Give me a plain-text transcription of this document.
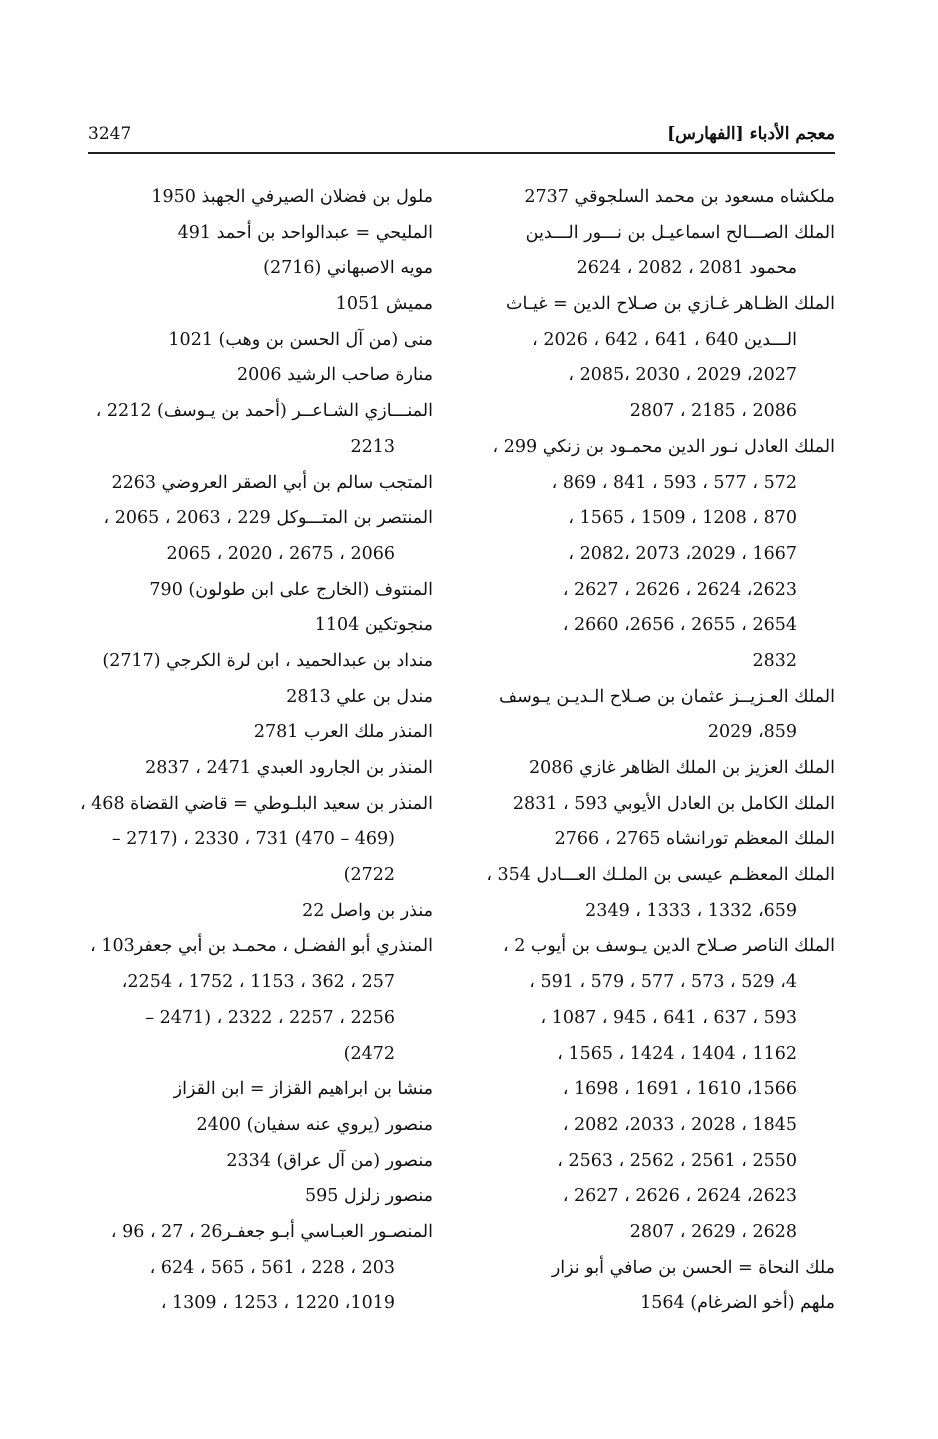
معجم الأدباء [الفهارس]
3247
ملكشاه مسعود بن محمد السلجوقي 2737
الملك الصـــالح اسماعيـل بن نـــور الـــدين
محمود 2081 ، 2082 ، 2624
الملك الظـاهر غـازي بن صـلاح الدين = غيـاث
الـــدين 640 ، 641 ، 642 ، 2026 ،
2027، 2029 ، 2030 ،2085 ،
2086 ، 2185 ، 2807
الملك العادل نـور الدين محمـود بن زنكي 299 ،
572 ، 577 ، 593 ، 841 ، 869 ،
870 ، 1208 ، 1509 ، 1565 ،
1667 ، 2029، 2073 ،2082 ،
2623، 2624 ، 2626 ، 2627 ،
2654 ، 2655 ، 2656، 2660 ،
2832
الملك العـزيــز عثمان بن صـلاح الـديـن يـوسف
859، 2029
الملك العزيز بن الملك الظاهر غازي 2086
الملك الكامل بن العادل الأيوبي 593 ، 2831
الملك المعظم تورانشاه 2765 ، 2766
الملك المعظـم عيسى بن الملـك العـــادل 354 ،
659، 1332 ، 1333 ، 2349
الملك الناصر صـلاح الدين يـوسف بن أيوب 2 ،
4، 529 ، 573 ، 577 ، 579 ، 591 ،
593 ، 637 ، 641 ، 945 ، 1087 ،
1162 ، 1404 ، 1424 ، 1565 ،
1566، 1610 ، 1691 ، 1698 ،
1845 ، 2028 ، 2033، 2082 ،
2550 ، 2561 ، 2562 ، 2563 ،
2623، 2624 ، 2626 ، 2627 ،
2628 ، 2629 ، 2807
ملك النحاة = الحسن بن صافي أبو نزار
ملهم (أخو الضرغام) 1564
ملول بن فضلان الصيرفي الجهبذ 1950
المليحي = عبدالواحد بن أحمد 491
مويه الاصبهاني (2716)
مميش 1051
منى (من آل الحسن بن وهب) 1021
منارة صاحب الرشيد 2006
المنـــازي الشـاعــر (أحمد بن يـوسف) 2212 ،
2213
المتجب سالم بن أبي الصقر العروضي 2263
المنتصر بن المتـــوكل 229 ، 2063 ، 2065 ،
2066 ، 2675 ، 2020 ، 2065
المنتوف (الخارج على ابن طولون) 790
منجوتكين 1104
منداد بن عبدالحميد ، ابن لرة الكرجي (2717)
مندل بن علي 2813
المنذر ملك العرب 2781
المنذر بن الجارود العبدي 2471 ، 2837
المنذر بن سعيد البلـوطي = قاضي القضاة 468 ،
(469 – 470) 731 ، 2330 ، (2717 –
2722)
منذر بن واصل 22
المنذري أبو الفضـل ، محمـد بن أبي جعفر103 ،
257 ، 362 ، 1153 ، 1752 ، 2254،
2256 ، 2257 ، 2322 ، (2471 –
2472)
منشا بن ابراهيم القزاز = ابن القزاز
منصور (يروي عنه سفيان) 2400
منصور (من آل عراق) 2334
منصور زلزل 595
المنصـور العبـاسي أبـو جعفـر26 ، 27 ، 96 ،
203 ، 228 ، 561 ، 565 ، 624 ،
1019، 1220 ، 1253 ، 1309 ،
